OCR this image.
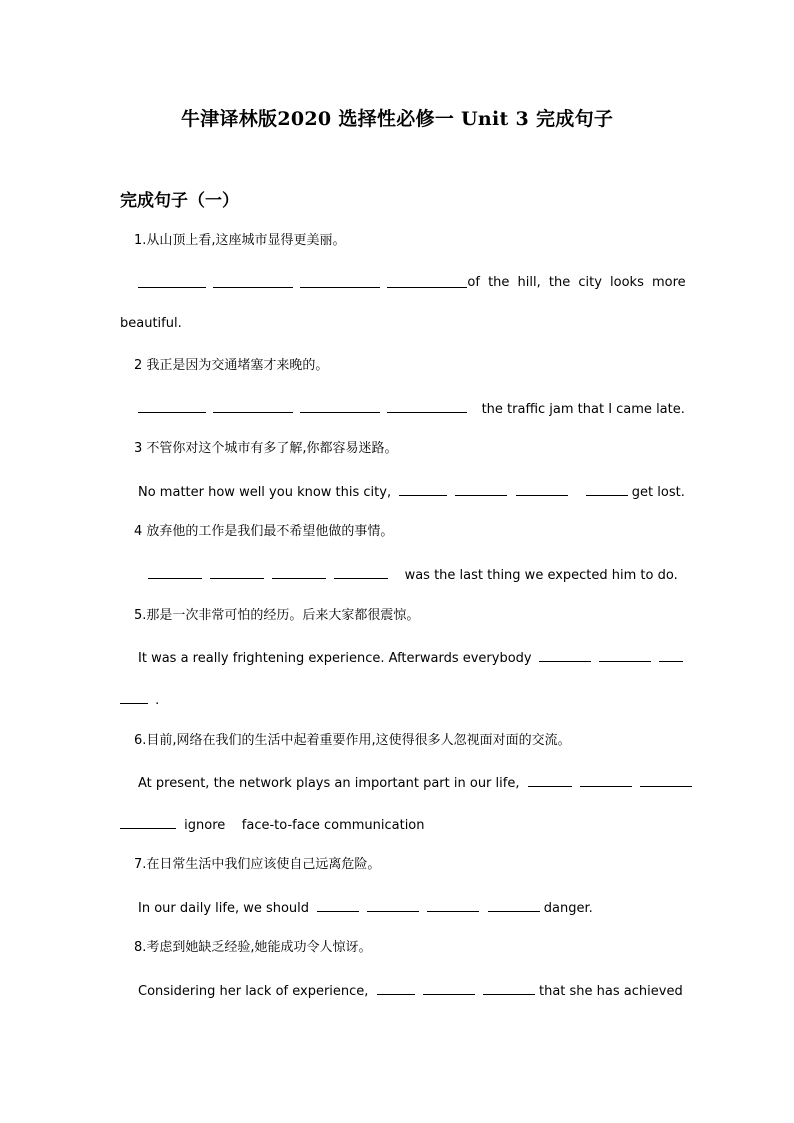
牛津译林版2020 选择性必修一 Unit 3 完成句子
完成句子（一）
1.从山顶上看,这座城市显得更美丽。

of the hill, the city looks more
beautiful.
2 我正是因为交通堵塞才来晚的。
the traffic jam that I came late.
3 不管你对这个城市有多了解,你都容易迷路。
No matter how well you know this city,	get lost.
4 放弃他的工作是我们最不希望他做的事情。
was the last thing we expected him to do.
5.那是一次非常可怕的经历。后来大家都很震惊。
It was a really frightening experience. Afterwards everybody
.
6.目前,网络在我们的生活中起着重要作用,这使得很多人忽视面对面的交流。
At present, the network plays an important part in our life,
ignore    face-to-face communication
7.在日常生活中我们应该使自己远离危险。
In our daily life, we should	danger.
8.考虑到她缺乏经验,她能成功令人惊讶。
Considering her lack of experience,	that she has achieved
